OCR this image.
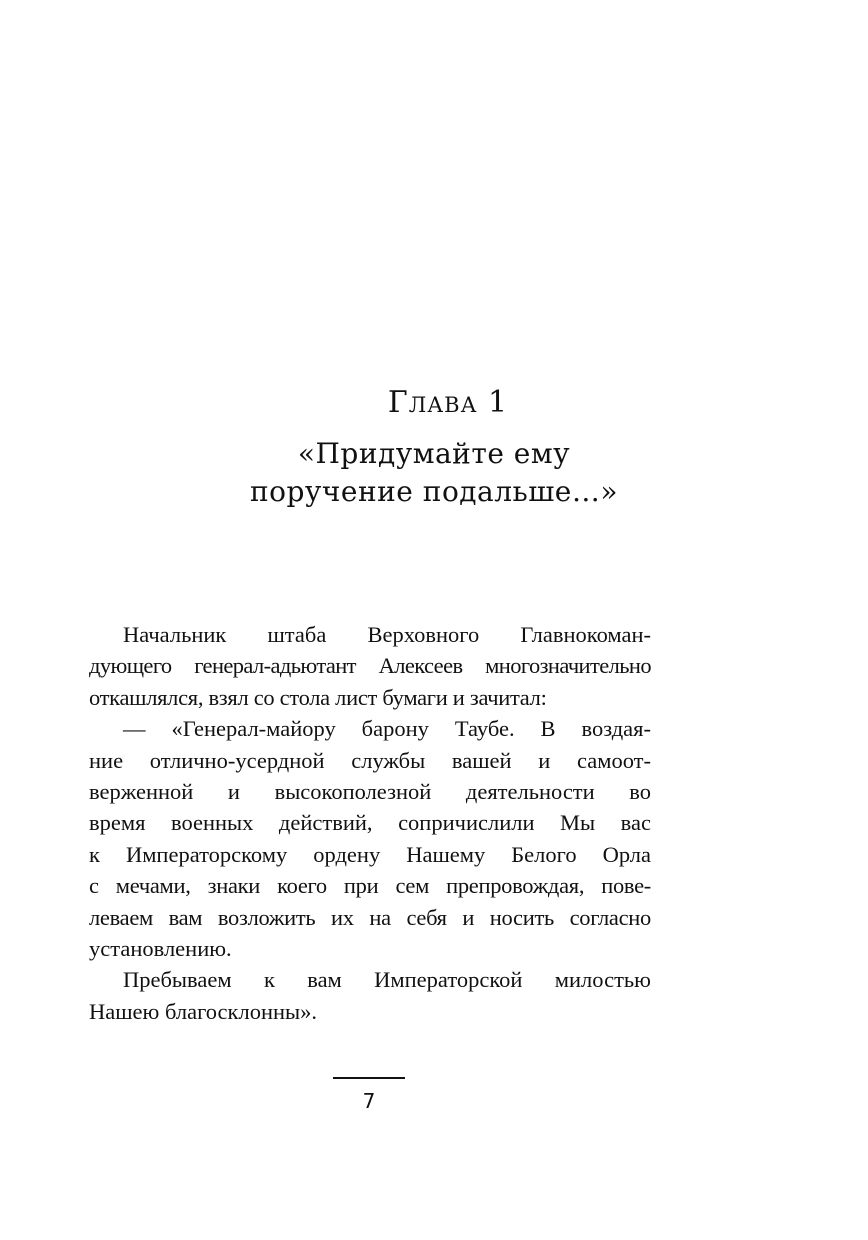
Глава 1
«Придумайте ему
поручение подальше…»
Начальник штаба Верховного Главнокоман-
дующего генерал-адьютант Алексеев многозначительно
откашлялся, взял со стола лист бумаги и зачитал:
— «Генерал-майору барону Таубе. В воздая-
ние отлично-усердной службы вашей и самоот-
верженной и высокополезной деятельности во
время военных действий, сопричислили Мы вас
к Императорскому ордену Нашему Белого Орла
с мечами, знаки коего при сем препровождая, пове-
леваем вам возложить их на себя и носить согласно
установлению.
Пребываем к вам Императорской милостью
Нашею благосклонны».
7
